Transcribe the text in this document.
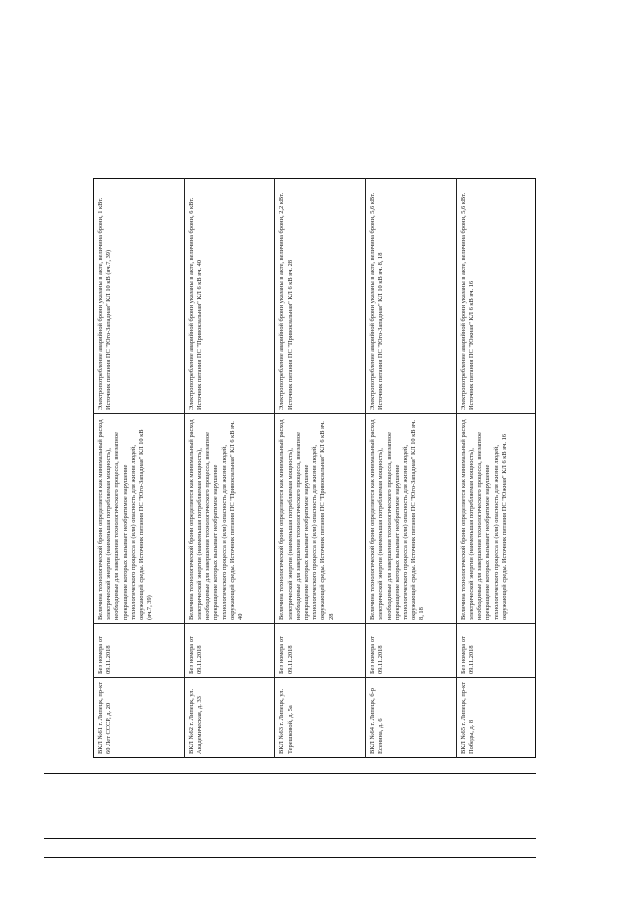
ВКЛ №61 г. Липецк, пр-кт 60 Лет СССР, д. 20	Без номера от 09.11.2018	Величина технологической брони определяется как минимальный расход электрической энергии (наименьшая потребляемая мощность), необходимые для завершения технологического процесса, внезапное прекращение которых вызывает необратимое нарушение технологического процесса и (или) опасность для жизни людей, окружающей среды. Источник питания ПС "Юго-Западная" КЛ 10 кВ (яч.7, 39)	Электропотребление аварийной брони указаны в акте, величина брони, 1 кВт. Источник питания ПС "Юго-Западная" КЛ 10 кВ (яч.7, 39)
ВКЛ №62 г. Липецк, ул. Академическая, д. 33	Без номера от 09.11.2018	Величина технологической брони определяется как минимальный расход электрической энергии (наименьшая потребляемая мощность), необходимые для завершения технологического процесса, внезапное прекращение которых вызывает необратимое нарушение технологического процесса и (или) опасность для жизни людей, окружающей среды. Источник питания ПС "Привокзальная" КЛ 6 кВ яч. 40	Электропотребление аварийной брони указаны в акте, величина брони, 6 кВт. Источник питания ПС "Привокзальная" КЛ 6 кВ яч. 40
ВКЛ №63 г. Липецк, ул. Терешковой, д. 5а	Без номера от 09.11.2018	Величина технологической брони определяется как минимальный расход электрической энергии (наименьшая потребляемая мощность), необходимые для завершения технологического процесса, внезапное прекращение которых вызывает необратимое нарушение технологического процесса и (или) опасность для жизни людей, окружающей среды. Источник питания ПС "Привокзальная" КЛ 6 кВ яч. 28	Электропотребление аварийной брони указаны в акте, величина брони, 2,2 кВт. Источник питания ПС "Привокзальная" КЛ 6 кВ яч. 28
ВКЛ №64 г. Липецк, б-р Есенина, д. 6	Без номера от 09.11.2018	Величина технологической брони определяется как минимальный расход электрической энергии (наименьшая потребляемая мощность), необходимые для завершения технологического процесса, внезапное прекращение которых вызывает необратимое нарушение технологического процесса и (или) опасность для жизни людей, окружающей среды. Источник питания ПС "Юго-Западная" КЛ 10 кВ яч. 8, 18	Электропотребление аварийной брони указаны в акте, величина брони, 5,6 кВт. Источник питания ПС "Юго-Западная" КЛ 10 кВ яч. 8, 18
ВКЛ №65 г. Липецк, пр-кт Победы, д. 8	Без номера от 09.11.2018	Величина технологической брони определяется как минимальный расход электрической энергии (наименьшая потребляемая мощность), необходимые для завершения технологического процесса, внезапное прекращение которых вызывает необратимое нарушение технологического процесса и (или) опасность для жизни людей, окружающей среды. Источник питания ПС "Южная" КЛ 6 кВ яч. 16	Электропотребление аварийной брони указаны в акте, величина брони, 5,6 кВт. Источник питания ПС "Южная" КЛ 6 кВ яч. 16
